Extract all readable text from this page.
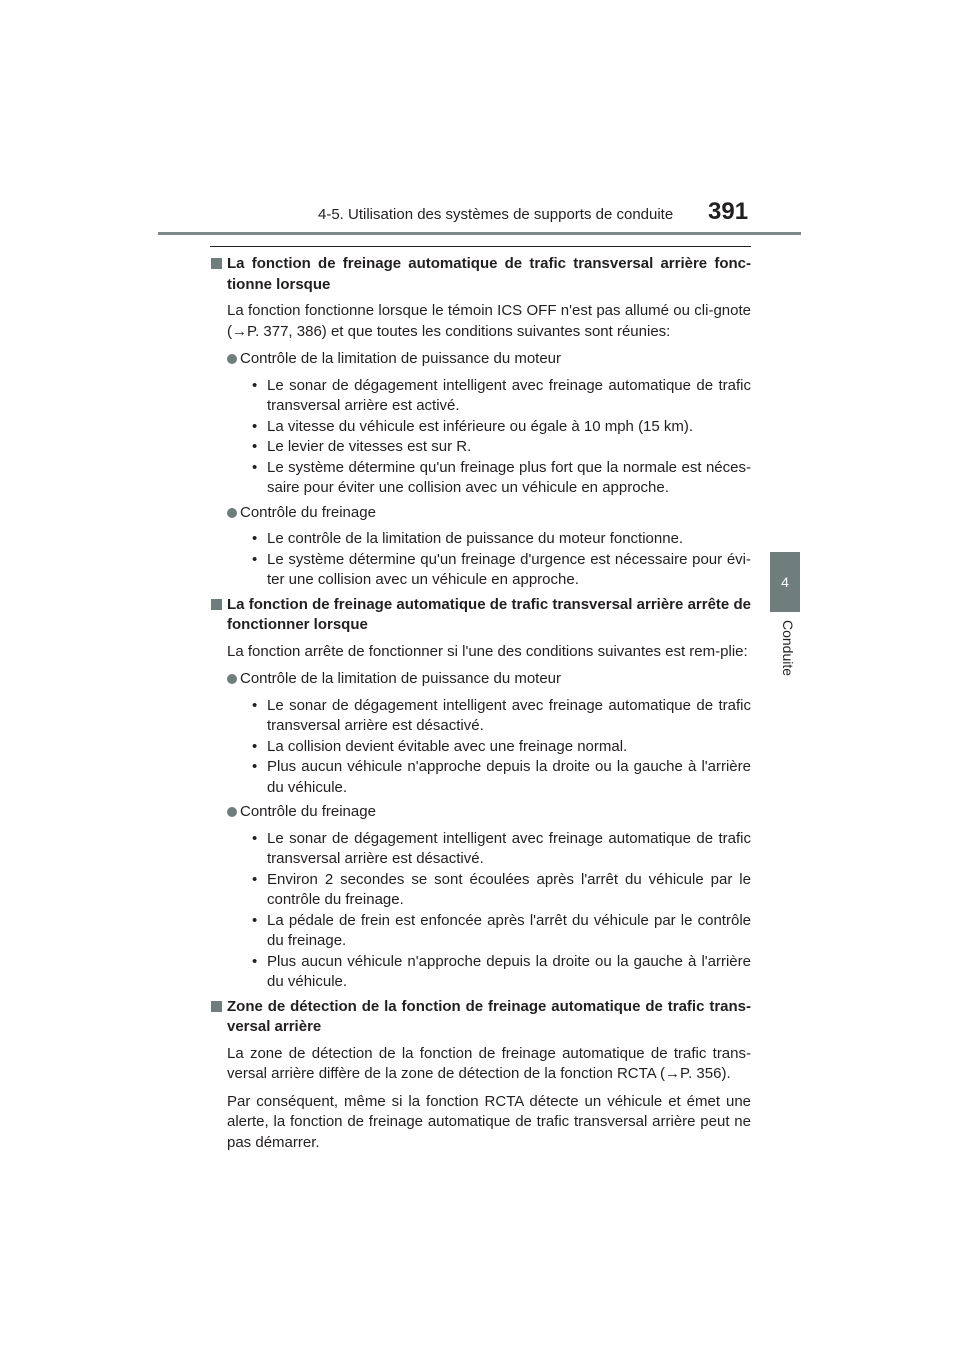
4-5. Utilisation des systèmes de supports de conduite	391
4
Conduite
La fonction de freinage automatique de trafic transversal arrière fonc-tionne lorsque
La fonction fonctionne lorsque le témoin ICS OFF n'est pas allumé ou cli-gnote (→P. 377, 386) et que toutes les conditions suivantes sont réunies:
Contrôle de la limitation de puissance du moteur
• Le sonar de dégagement intelligent avec freinage automatique de trafic transversal arrière est activé.
• La vitesse du véhicule est inférieure ou égale à 10 mph (15 km).
• Le levier de vitesses est sur R.
• Le système détermine qu'un freinage plus fort que la normale est néces-saire pour éviter une collision avec un véhicule en approche.
Contrôle du freinage
• Le contrôle de la limitation de puissance du moteur fonctionne.
• Le système détermine qu'un freinage d'urgence est nécessaire pour évi-ter une collision avec un véhicule en approche.
La fonction de freinage automatique de trafic transversal arrière arrête de fonctionner lorsque
La fonction arrête de fonctionner si l'une des conditions suivantes est rem-plie:
Contrôle de la limitation de puissance du moteur
• Le sonar de dégagement intelligent avec freinage automatique de trafic transversal arrière est désactivé.
• La collision devient évitable avec une freinage normal.
• Plus aucun véhicule n'approche depuis la droite ou la gauche à l'arrière du véhicule.
Contrôle du freinage
• Le sonar de dégagement intelligent avec freinage automatique de trafic transversal arrière est désactivé.
• Environ 2 secondes se sont écoulées après l'arrêt du véhicule par le contrôle du freinage.
• La pédale de frein est enfoncée après l'arrêt du véhicule par le contrôle du freinage.
• Plus aucun véhicule n'approche depuis la droite ou la gauche à l'arrière du véhicule.
Zone de détection de la fonction de freinage automatique de trafic trans-versal arrière
La zone de détection de la fonction de freinage automatique de trafic trans-versal arrière diffère de la zone de détection de la fonction RCTA (→P. 356).
Par conséquent, même si la fonction RCTA détecte un véhicule et émet une alerte, la fonction de freinage automatique de trafic transversal arrière peut ne pas démarrer.
